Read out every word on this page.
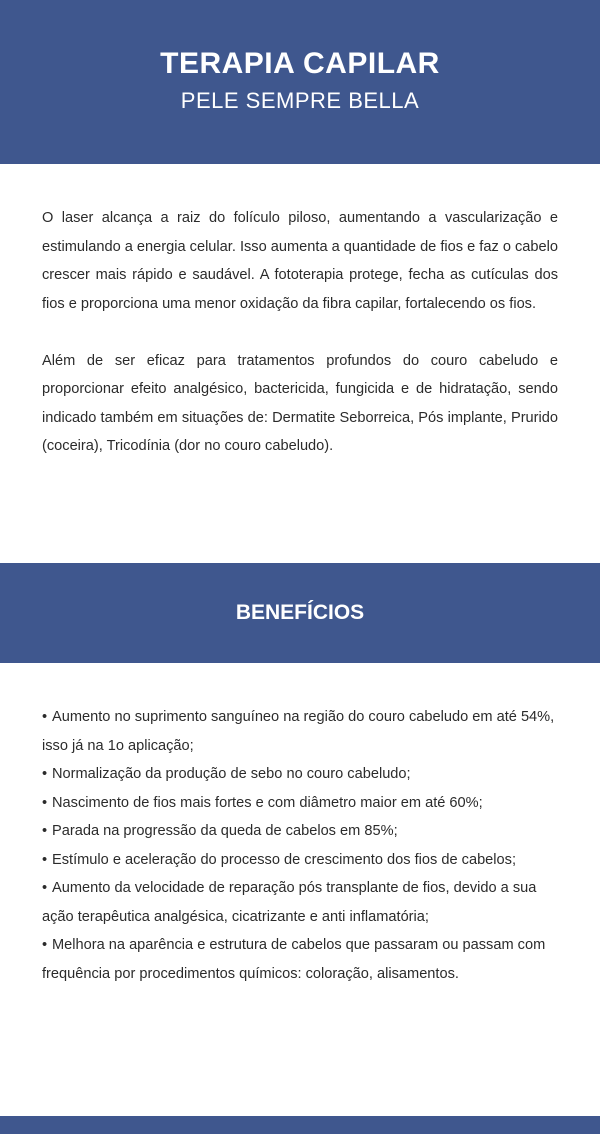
TERAPIA CAPILAR
PELE SEMPRE BELLA

O laser alcança a raiz do folículo piloso, aumentando a vascularização e estimulando a energia celular. Isso aumenta a quantidade de fios e faz o cabelo crescer mais rápido e saudável. A fototerapia protege, fecha as cutículas dos fios e proporciona uma menor oxidação da fibra capilar, fortalecendo os fios.

Além de ser eficaz para tratamentos profundos do couro cabeludo e proporcionar efeito analgésico, bactericida, fungicida e de hidratação, sendo indicado também em situações de: Dermatite Seborreica, Pós implante, Prurido (coceira), Tricodínia (dor no couro cabeludo).

BENEFÍCIOS
• Aumento no suprimento sanguíneo na região do couro cabeludo em até 54%, isso já na 1o aplicação;
• Normalização da produção de sebo no couro cabeludo;
• Nascimento de fios mais fortes e com diâmetro maior em até 60%;
• Parada na progressão da queda de cabelos em 85%;
• Estímulo e aceleração do processo de crescimento dos fios de cabelos;
• Aumento da velocidade de reparação pós transplante de fios, devido a sua ação terapêutica analgésica, cicatrizante e anti inflamatória;
• Melhora na aparência e estrutura de cabelos que passaram ou passam com frequência por procedimentos químicos: coloração, alisamentos.
